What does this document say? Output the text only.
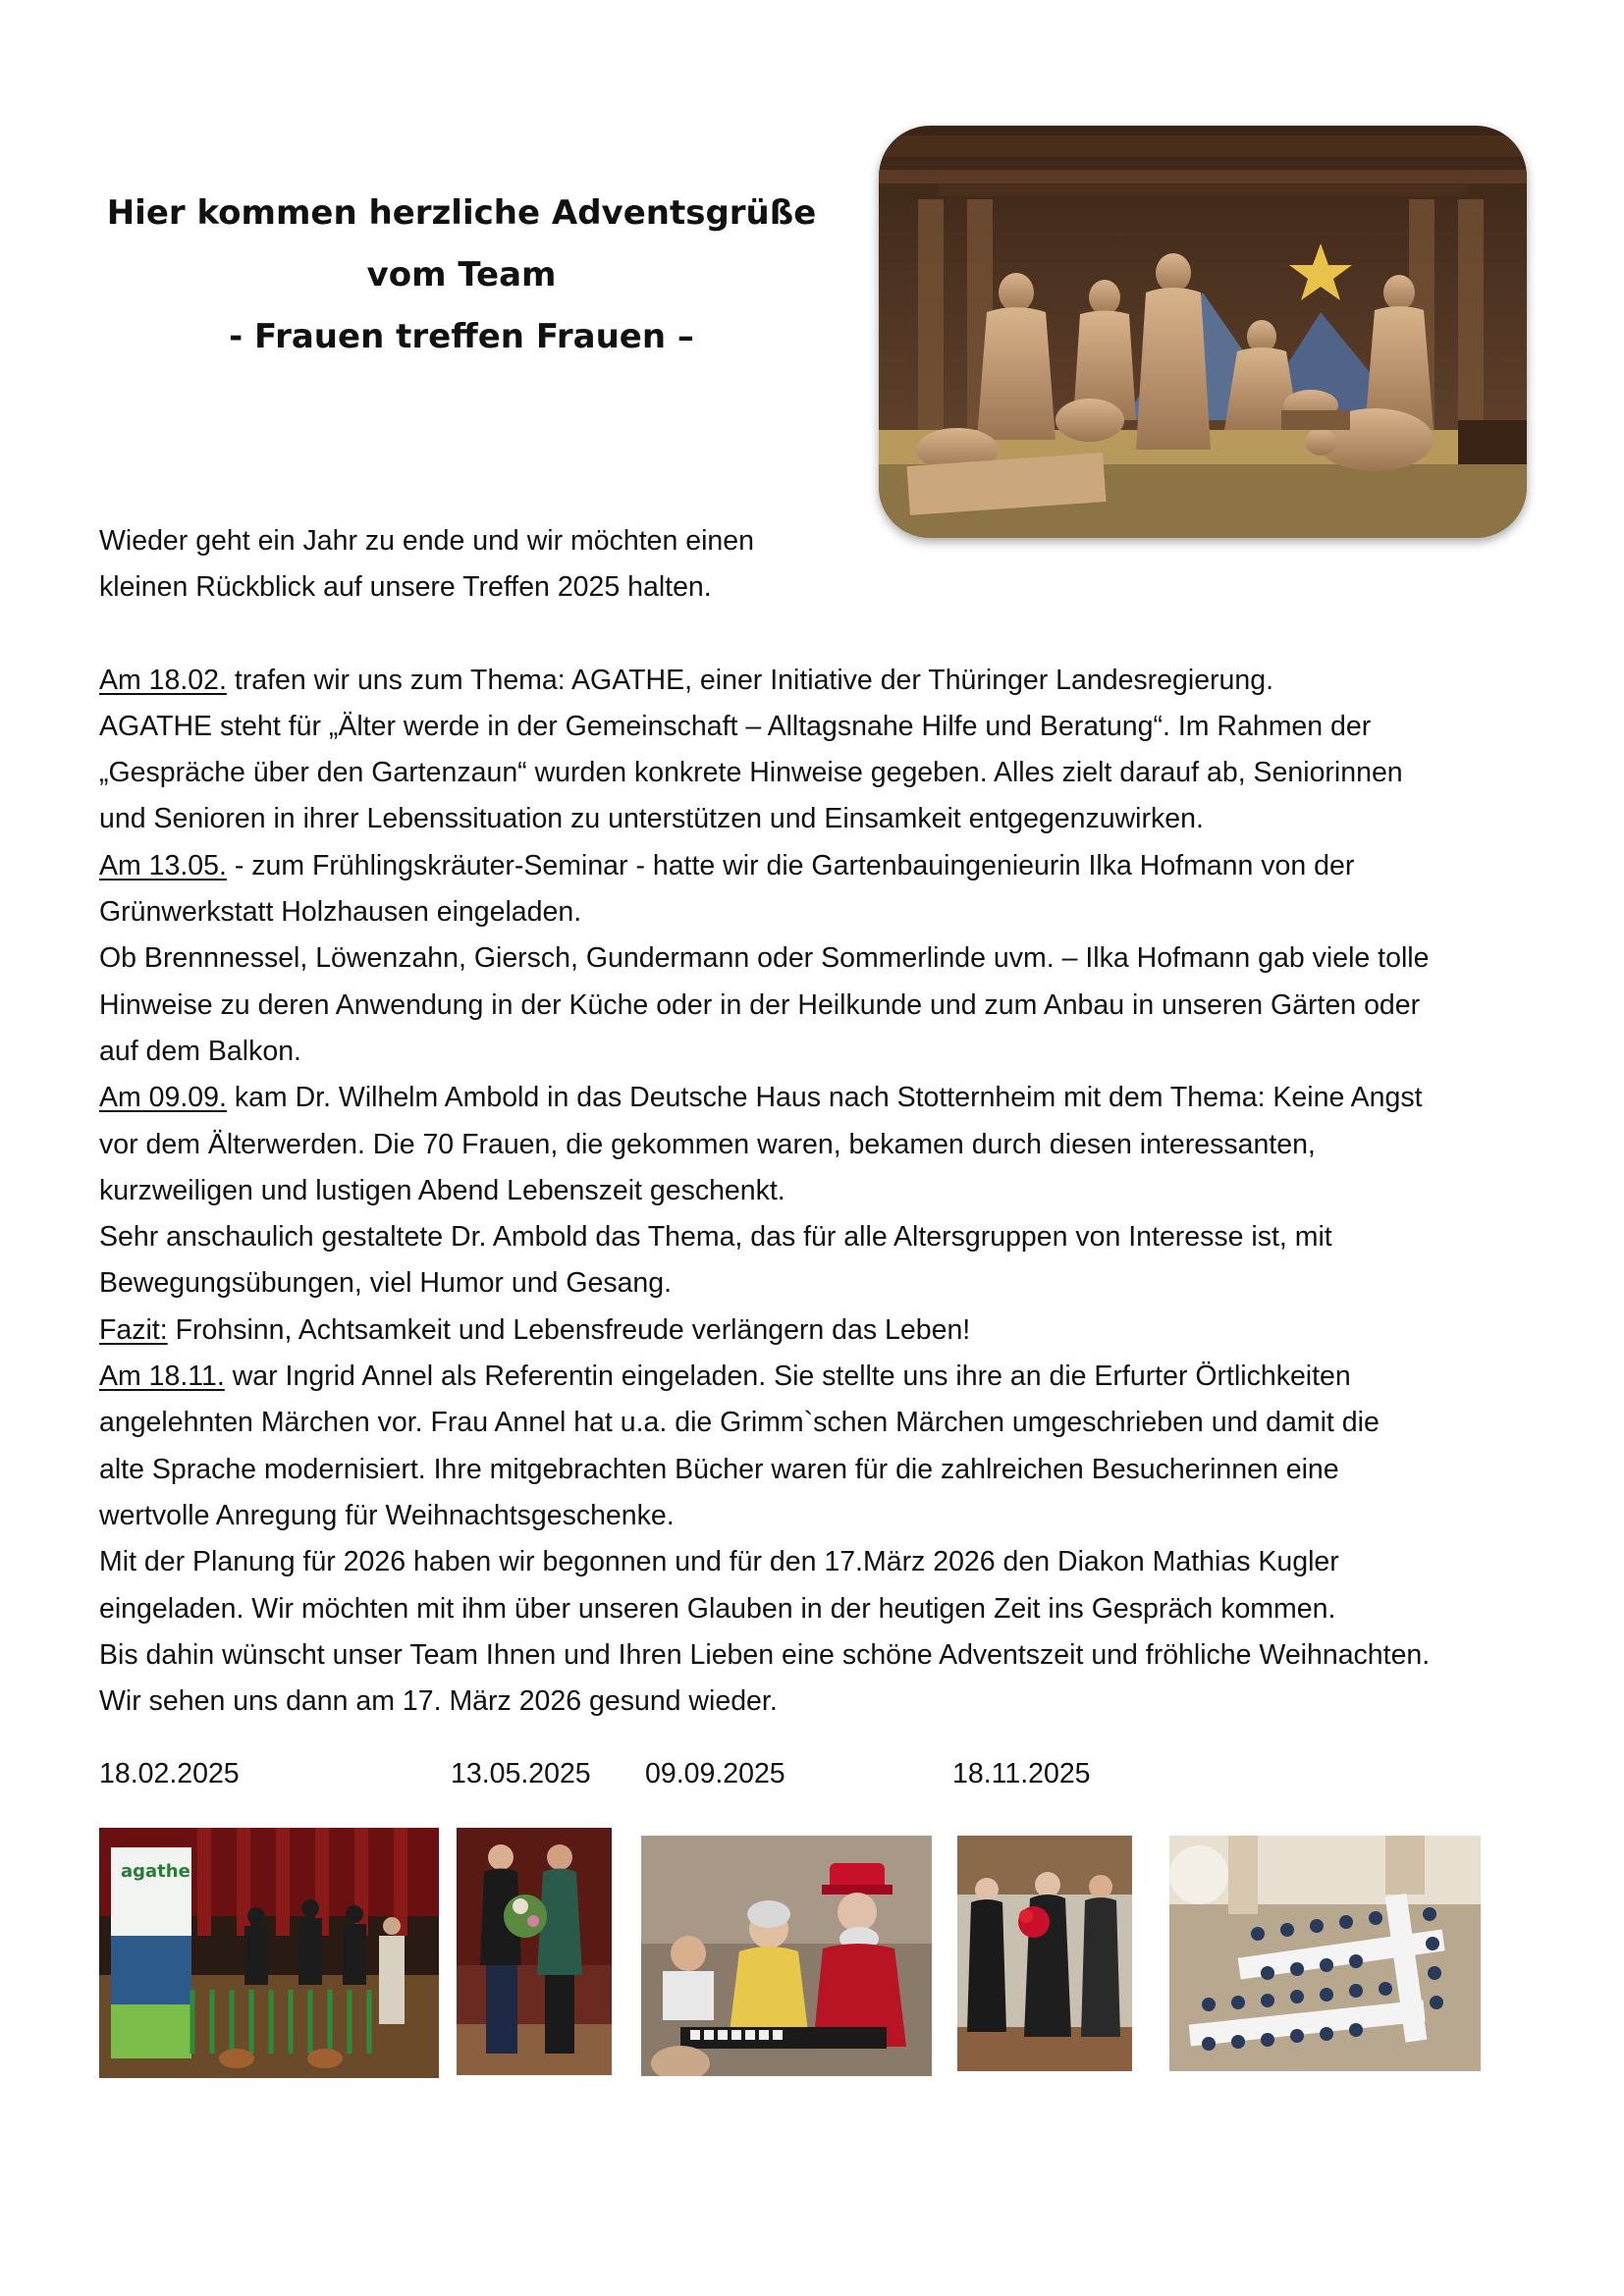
Hier kommen herzliche Adventsgrüße
vom Team
- Frauen treffen Frauen –

Wieder geht ein Jahr zu ende und wir möchten einen

kleinen Rückblick auf unsere Treffen 2025 halten.

Am 18.02. trafen wir uns zum Thema: AGATHE, einer Initiative der Thüringer Landesregierung.

AGATHE steht für „Älter werde in der Gemeinschaft – Alltagsnahe Hilfe und Beratung“. Im Rahmen der

„Gespräche über den Gartenzaun“ wurden konkrete Hinweise gegeben. Alles zielt darauf ab, Seniorinnen

und Senioren in ihrer Lebenssituation zu unterstützen und Einsamkeit entgegenzuwirken.

Am 13.05. - zum Frühlingskräuter-Seminar - hatte wir die Gartenbauingenieurin Ilka Hofmann von der

Grünwerkstatt Holzhausen eingeladen.

Ob Brennnessel, Löwenzahn, Giersch, Gundermann oder Sommerlinde uvm. – Ilka Hofmann gab viele tolle

Hinweise zu deren Anwendung in der Küche oder in der Heilkunde und zum Anbau in unseren Gärten oder

auf dem Balkon.

Am 09.09. kam Dr. Wilhelm Ambold in das Deutsche Haus nach Stotternheim mit dem Thema: Keine Angst

vor dem Älterwerden. Die 70 Frauen, die gekommen waren, bekamen durch diesen interessanten,

kurzweiligen und lustigen Abend Lebenszeit geschenkt.

Sehr anschaulich gestaltete Dr. Ambold das Thema, das für alle Altersgruppen von Interesse ist, mit

Bewegungsübungen, viel Humor und Gesang.

Fazit: Frohsinn, Achtsamkeit und Lebensfreude verlängern das Leben!

Am 18.11. war Ingrid Annel als Referentin eingeladen. Sie stellte uns ihre an die Erfurter Örtlichkeiten

angelehnten Märchen vor. Frau Annel hat u.a. die Grimm`schen Märchen umgeschrieben und damit die

alte Sprache modernisiert. Ihre mitgebrachten Bücher waren für die zahlreichen Besucherinnen eine

wertvolle Anregung für Weihnachtsgeschenke.

Mit der Planung für 2026 haben wir begonnen und für den 17.März 2026 den Diakon Mathias Kugler

eingeladen. Wir möchten mit ihm über unseren Glauben in der heutigen Zeit ins Gespräch kommen.

Bis dahin wünscht unser Team Ihnen und Ihren Lieben eine schöne Adventszeit und fröhliche Weihnachten.

Wir sehen uns dann am 17. März 2026 gesund wieder.

18.02.2025	13.05.2025 09.09.2025	18.11.2025
agathe
